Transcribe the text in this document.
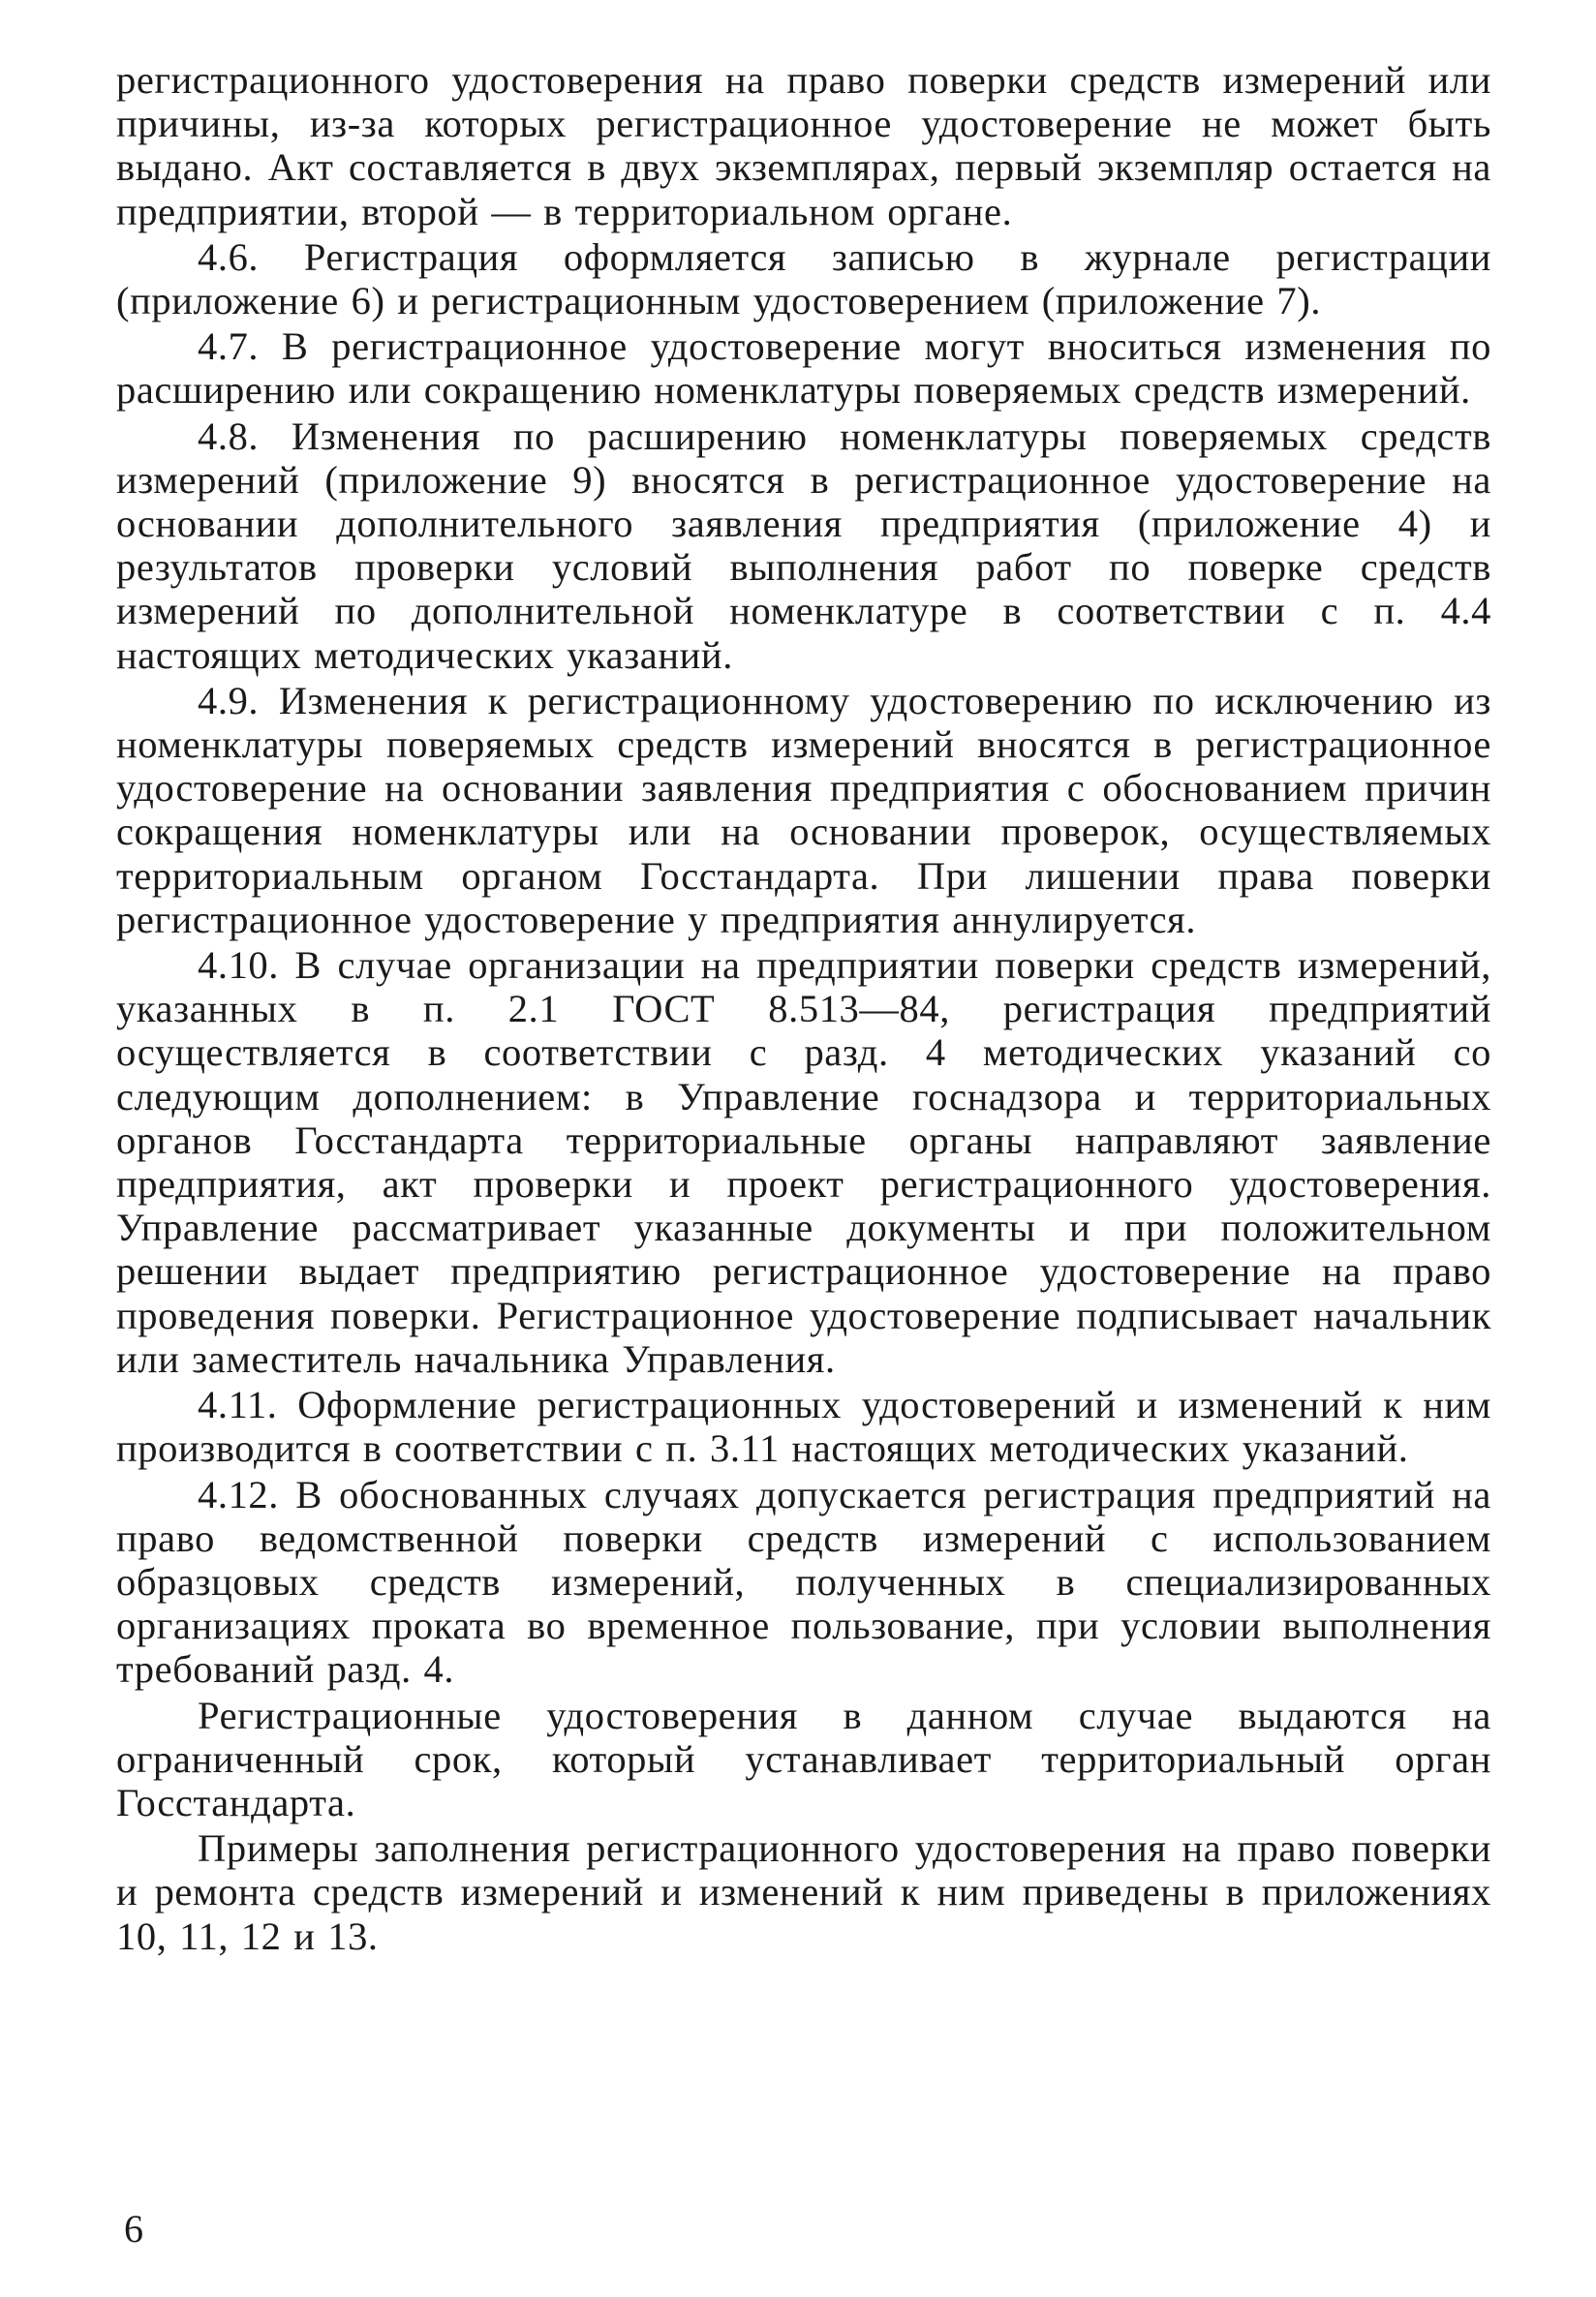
регистрационного удостоверения на право поверки средств измерений или причины, из-за которых регистрационное удостоверение не может быть выдано. Акт составляется в двух экземплярах, первый экземпляр остается на предприятии, второй — в территориальном органе.

4.6. Регистрация оформляется записью в журнале регистрации (приложение 6) и регистрационным удостоверением (приложение 7).

4.7. В регистрационное удостоверение могут вноситься изменения по расширению или сокращению номенклатуры поверяемых средств измерений.

4.8. Изменения по расширению номенклатуры поверяемых средств измерений (приложение 9) вносятся в регистрационное удостоверение на основании дополнительного заявления предприятия (приложение 4) и результатов проверки условий выполнения работ по поверке средств измерений по дополнительной номенклатуре в соответствии с п. 4.4 настоящих методических указаний.

4.9. Изменения к регистрационному удостоверению по исключению из номенклатуры поверяемых средств измерений вносятся в регистрационное удостоверение на основании заявления предприятия с обоснованием причин сокращения номенклатуры или на основании проверок, осуществляемых территориальным органом Госстандарта. При лишении права поверки регистрационное удостоверение у предприятия аннулируется.

4.10. В случае организации на предприятии поверки средств измерений, указанных в п. 2.1 ГОСТ 8.513—84, регистрация предприятий осуществляется в соответствии с разд. 4 методических указаний со следующим дополнением: в Управление госнадзора и территориальных органов Госстандарта территориальные органы направляют заявление предприятия, акт проверки и проект регистрационного удостоверения. Управление рассматривает указанные документы и при положительном решении выдает предприятию регистрационное удостоверение на право проведения поверки. Регистрационное удостоверение подписывает начальник или заместитель начальника Управления.

4.11. Оформление регистрационных удостоверений и изменений к ним производится в соответствии с п. 3.11 настоящих методических указаний.

4.12. В обоснованных случаях допускается регистрация предприятий на право ведомственной поверки средств измерений с использованием образцовых средств измерений, полученных в специализированных организациях проката во временное пользование, при условии выполнения требований разд. 4.

Регистрационные удостоверения в данном случае выдаются на ограниченный срок, который устанавливает территориальный орган Госстандарта.

Примеры заполнения регистрационного удостоверения на право поверки и ремонта средств измерений и изменений к ним приведены в приложениях 10, 11, 12 и 13.

6
